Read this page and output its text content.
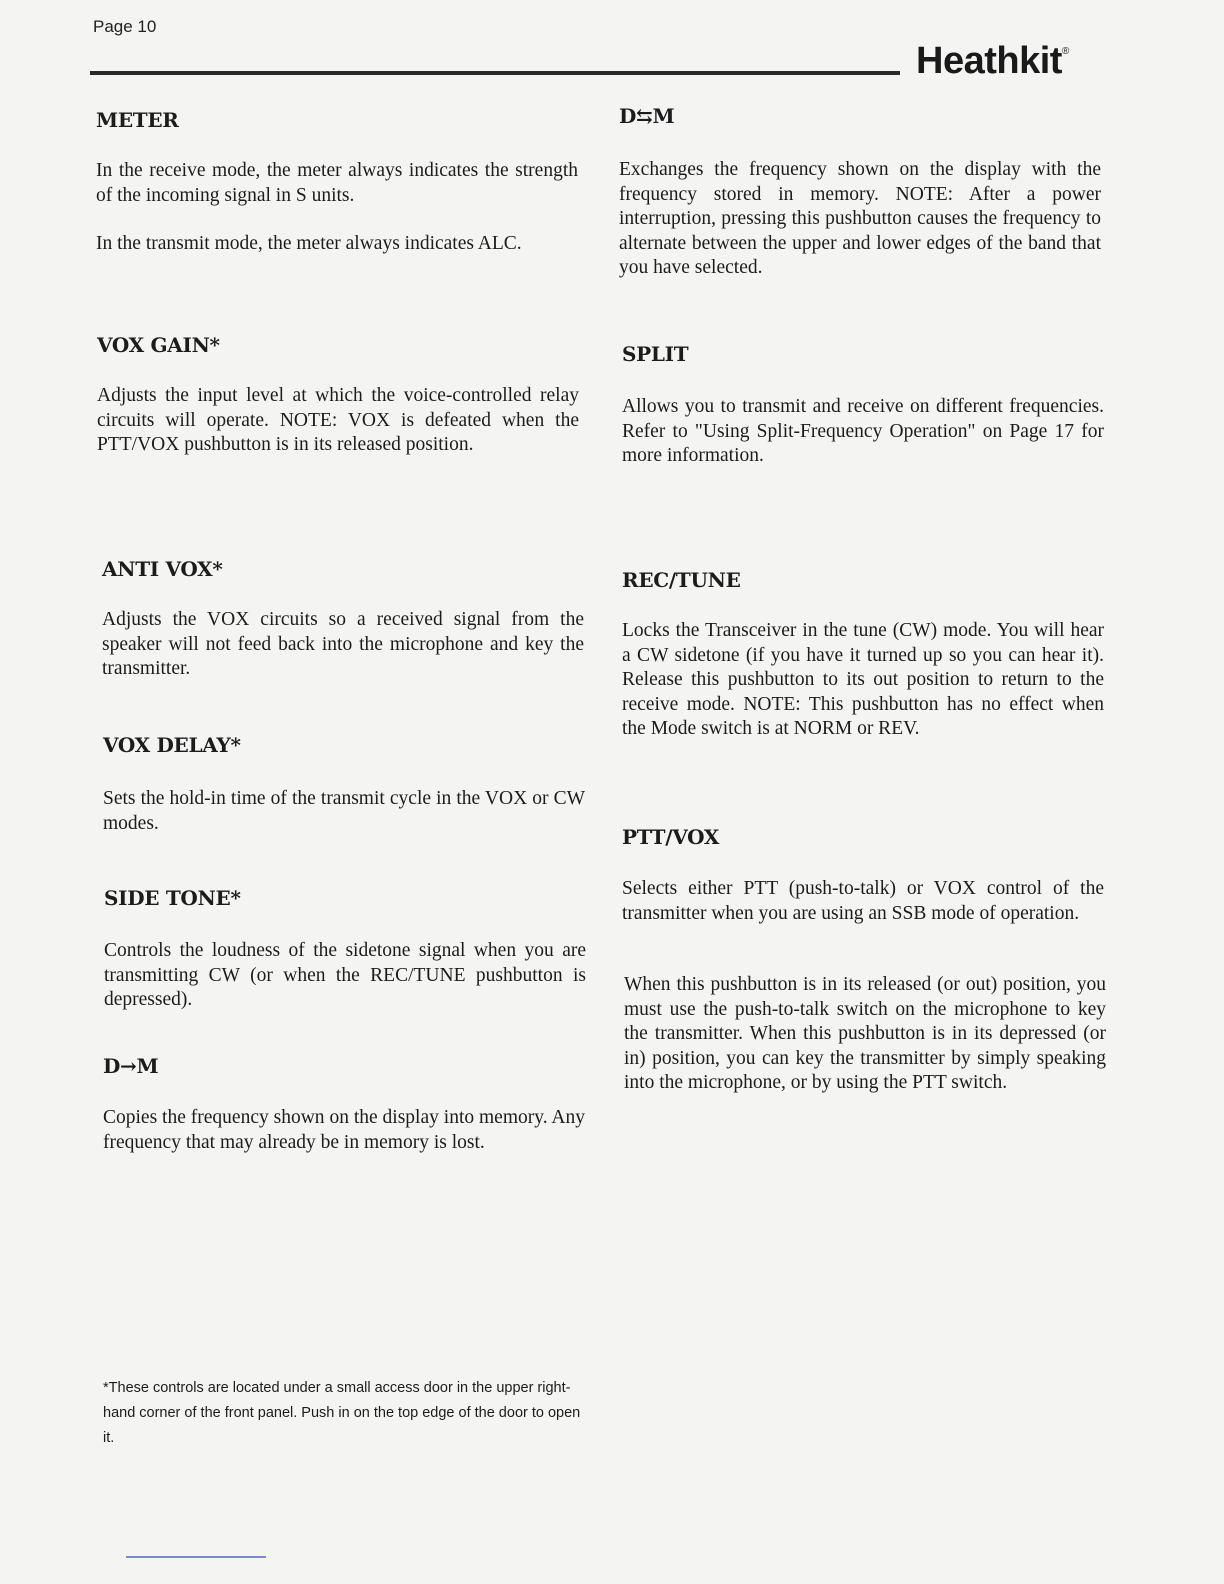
Page 10
Heathkit®
METER

In the receive mode, the meter always indicates the strength of the incoming signal in S units.

In the transmit mode, the meter always indicates ALC.

VOX GAIN*

Adjusts the input level at which the voice-controlled relay circuits will operate. NOTE: VOX is defeated when the PTT/VOX pushbutton is in its released position.

ANTI VOX*

Adjusts the VOX circuits so a received signal from the speaker will not feed back into the microphone and key the transmitter.

VOX DELAY*

Sets the hold-in time of the transmit cycle in the VOX or CW modes.

SIDE TONE*

Controls the loudness of the sidetone signal when you are transmitting CW (or when the REC/TUNE pushbutton is depressed).

D→M

Copies the frequency shown on the display into memory. Any frequency that may already be in memory is lost.

*These controls are located under a small access door in the upper right-hand corner of the front panel. Push in on the top edge of the door to open it.

D⇆M

Exchanges the frequency shown on the display with the frequency stored in memory. NOTE: After a power interruption, pressing this pushbutton causes the frequency to alternate between the upper and lower edges of the band that you have selected.

SPLIT

Allows you to transmit and receive on different frequencies. Refer to "Using Split-Frequency Operation" on Page 17 for more information.

REC/TUNE

Locks the Transceiver in the tune (CW) mode. You will hear a CW sidetone (if you have it turned up so you can hear it). Release this pushbutton to its out position to return to the receive mode. NOTE: This pushbutton has no effect when the Mode switch is at NORM or REV.

PTT/VOX

Selects either PTT (push-to-talk) or VOX control of the transmitter when you are using an SSB mode of operation.

When this pushbutton is in its released (or out) position, you must use the push-to-talk switch on the microphone to key the transmitter. When this pushbutton is in its depressed (or in) position, you can key the transmitter by simply speaking into the microphone, or by using the PTT switch.
